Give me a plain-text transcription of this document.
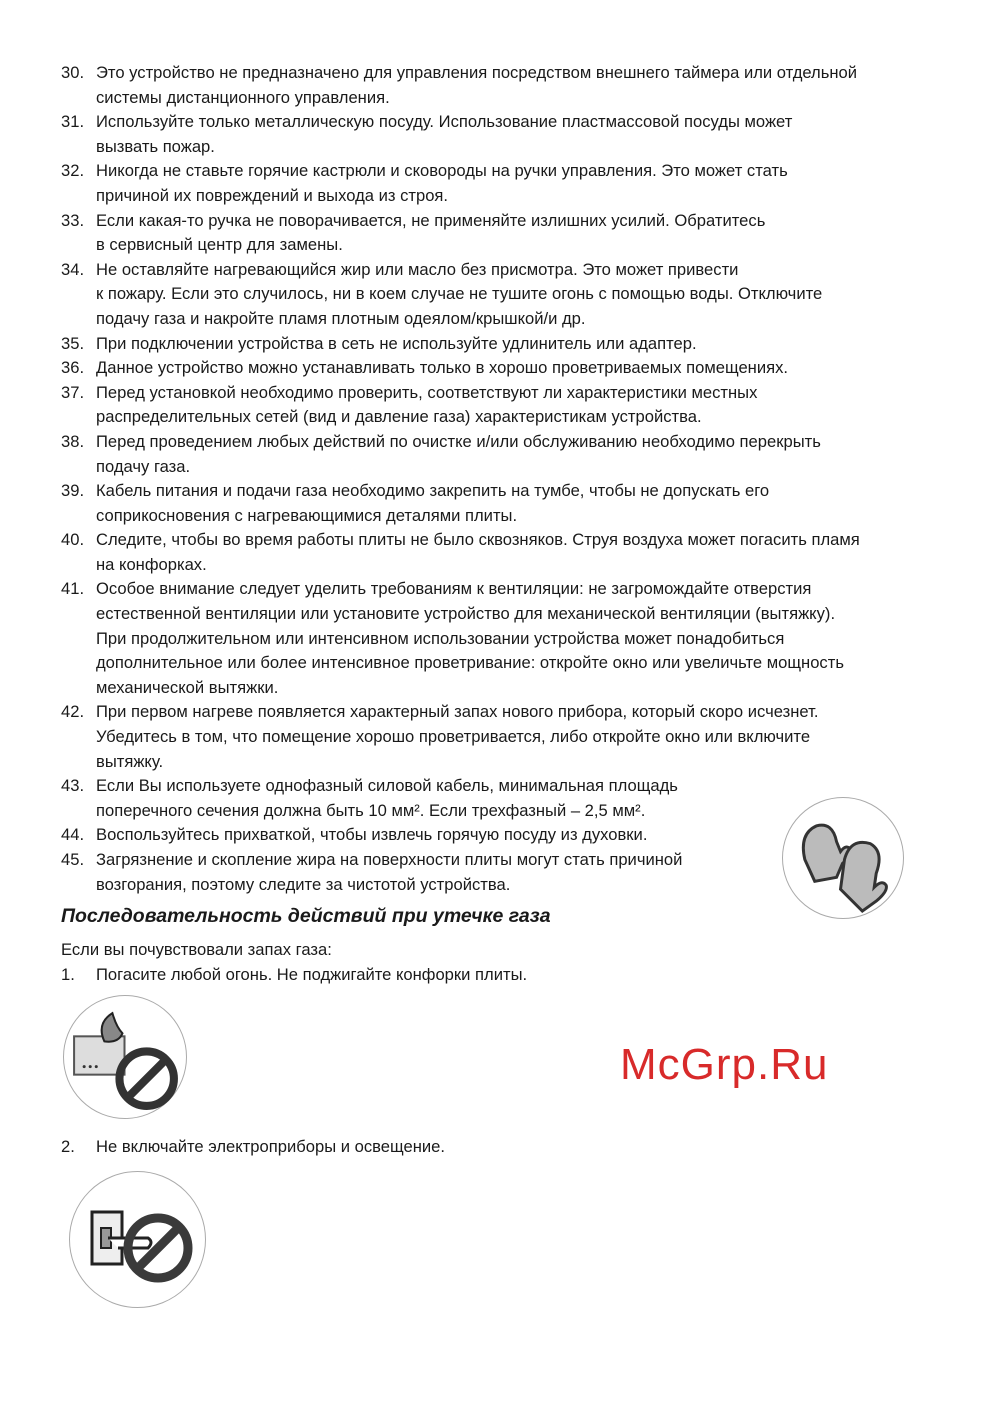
30. Это устройство не предназначено для управления посредством внешнего таймера или отдельной
системы дистанционного управления.
31. Используйте только металлическую посуду. Использование пластмассовой посуды может
вызвать пожар.
32. Никогда не ставьте горячие кастрюли и сковороды на ручки управления. Это может стать
причиной их повреждений и выхода из строя.
33. Если какая-то ручка не поворачивается, не применяйте излишних усилий. Обратитесь
в сервисный центр для замены.
34. Не оставляйте нагревающийся жир или масло без присмотра. Это может привести
к пожару. Если это случилось, ни в коем случае не тушите огонь с помощью воды. Отключите
подачу газа и накройте пламя плотным одеялом/крышкой/и др.
35. При подключении устройства в сеть не используйте удлинитель или адаптер.
36. Данное устройство можно устанавливать только в хорошо проветриваемых помещениях.
37. Перед установкой необходимо проверить, соответствуют ли характеристики местных
распределительных сетей (вид и давление газа) характеристикам устройства.
38. Перед проведением любых действий по очистке и/или обслуживанию необходимо перекрыть
подачу газа.
39. Кабель питания и подачи газа необходимо закрепить на тумбе, чтобы не допускать его
соприкосновения с нагревающимися деталями плиты.
40. Следите, чтобы во время работы плиты не было сквозняков. Струя воздуха может погасить пламя
на конфорках.
41. Особое внимание следует уделить требованиям к вентиляции: не загромождайте отверстия
естественной вентиляции или установите устройство для механической вентиляции (вытяжку).
При продолжительном или интенсивном использовании устройства может понадобиться
дополнительное или более интенсивное проветривание: откройте окно или увеличьте мощность
механической вытяжки.
42. При первом нагреве появляется характерный запах нового прибора, который скоро исчезнет.
Убедитесь в том, что помещение хорошо проветривается, либо откройте окно или включите
вытяжку.
43. Если Вы используете однофазный силовой кабель, минимальная площадь
поперечного сечения должна быть 10 мм². Если трехфазный – 2,5 мм².
44. Воспользуйтесь прихваткой, чтобы извлечь горячую посуду из духовки.
45. Загрязнение и скопление жира на поверхности плиты могут стать причиной
возгорания, поэтому следите за чистотой устройства.
Последовательность действий при утечке газа
Если вы почувствовали запах газа:
1.	Погасите любой огонь. Не поджигайте конфорки плиты.
2.	Не включайте электроприборы и освещение.
McGrp.Ru
